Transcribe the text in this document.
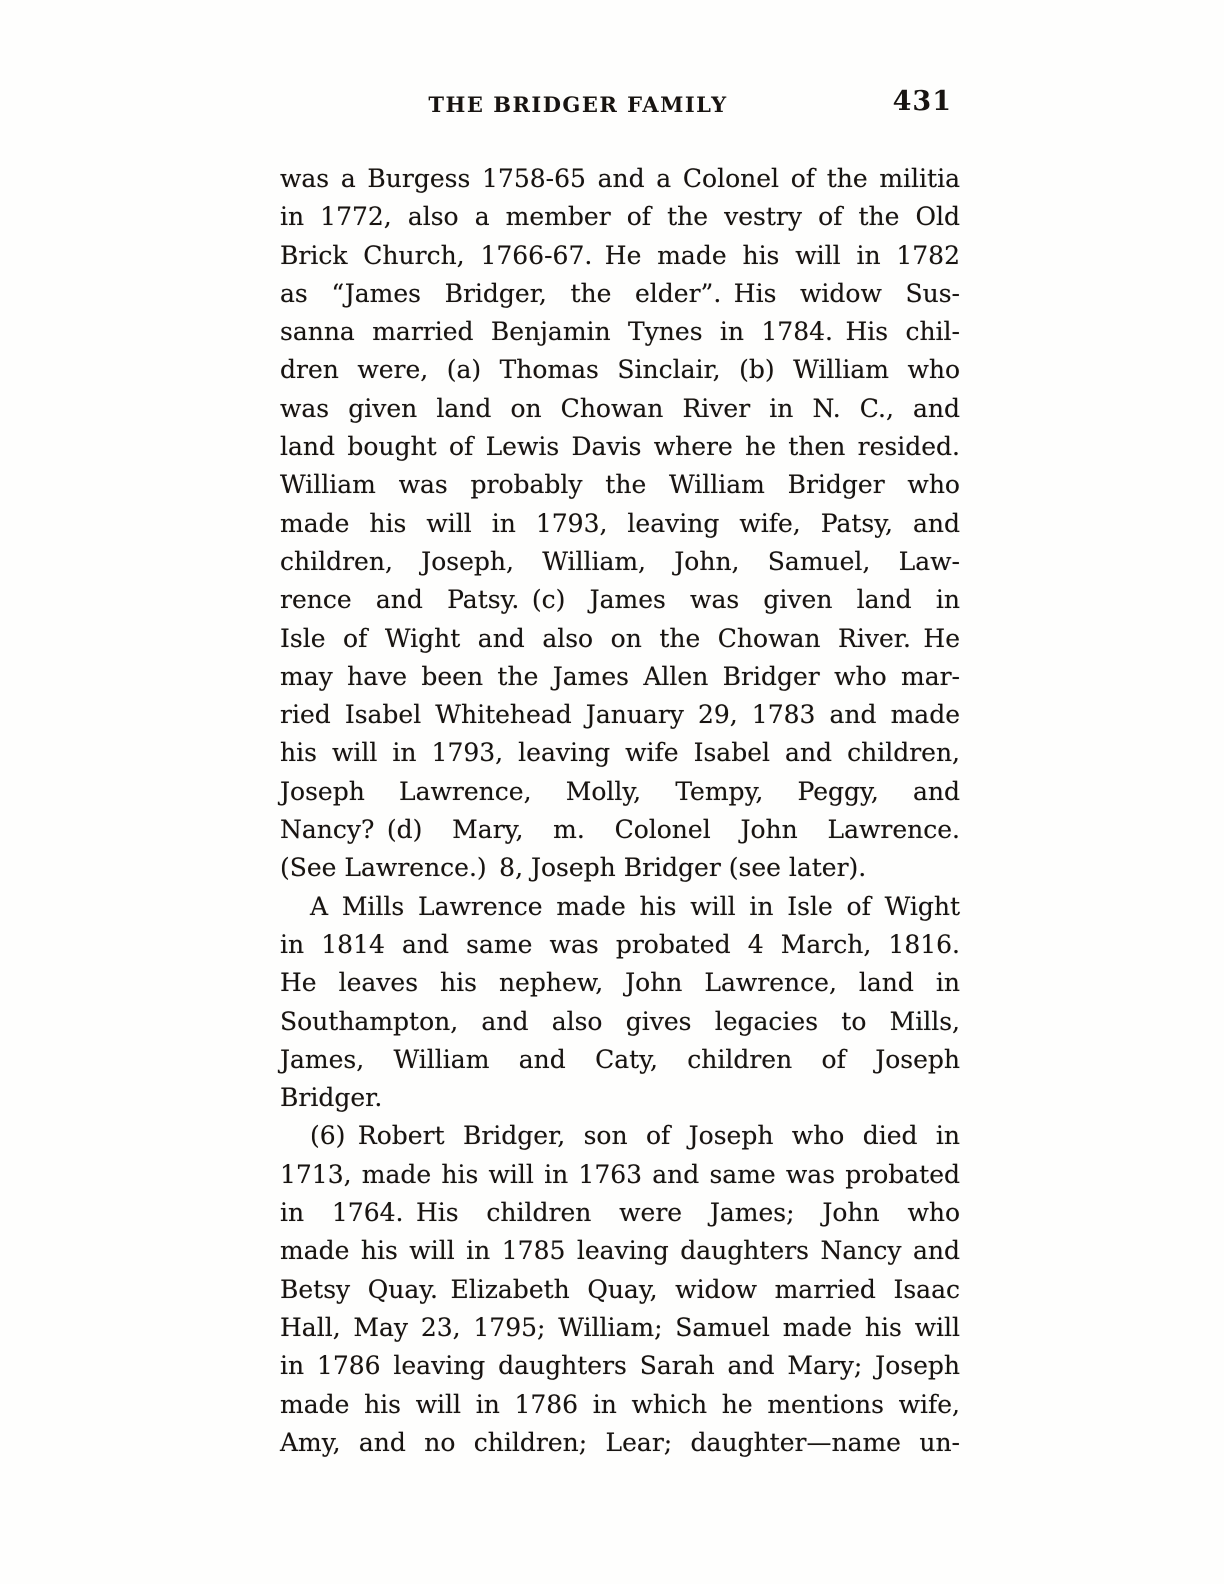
THE BRIDGER FAMILY	431
was a Burgess 1758-65 and a Colonel of the militia
in 1772, also a member of the vestry of the Old
Brick Church, 1766-67. He made his will in 1782
as “James Bridger, the elder”. His widow Sus-
sanna married Benjamin Tynes in 1784. His chil-
dren were, (a) Thomas Sinclair, (b) William who
was given land on Chowan River in N. C., and
land bought of Lewis Davis where he then resided.
William was probably the William Bridger who
made his will in 1793, leaving wife, Patsy, and
children, Joseph, William, John, Samuel, Law-
rence and Patsy. (c) James was given land in
Isle of Wight and also on the Chowan River. He
may have been the James Allen Bridger who mar-
ried Isabel Whitehead January 29, 1783 and made
his will in 1793, leaving wife Isabel and children,
Joseph Lawrence, Molly, Tempy, Peggy, and
Nancy? (d) Mary, m. Colonel John Lawrence.
(See Lawrence.) 8, Joseph Bridger (see later).
A Mills Lawrence made his will in Isle of Wight
in 1814 and same was probated 4 March, 1816.
He leaves his nephew, John Lawrence, land in
Southampton, and also gives legacies to Mills,
James, William and Caty, children of Joseph
Bridger.
(6) Robert Bridger, son of Joseph who died in
1713, made his will in 1763 and same was probated
in 1764. His children were James; John who
made his will in 1785 leaving daughters Nancy and
Betsy Quay. Elizabeth Quay, widow married Isaac
Hall, May 23, 1795; William; Samuel made his will
in 1786 leaving daughters Sarah and Mary; Joseph
made his will in 1786 in which he mentions wife,
Amy, and no children; Lear; daughter—name un-
